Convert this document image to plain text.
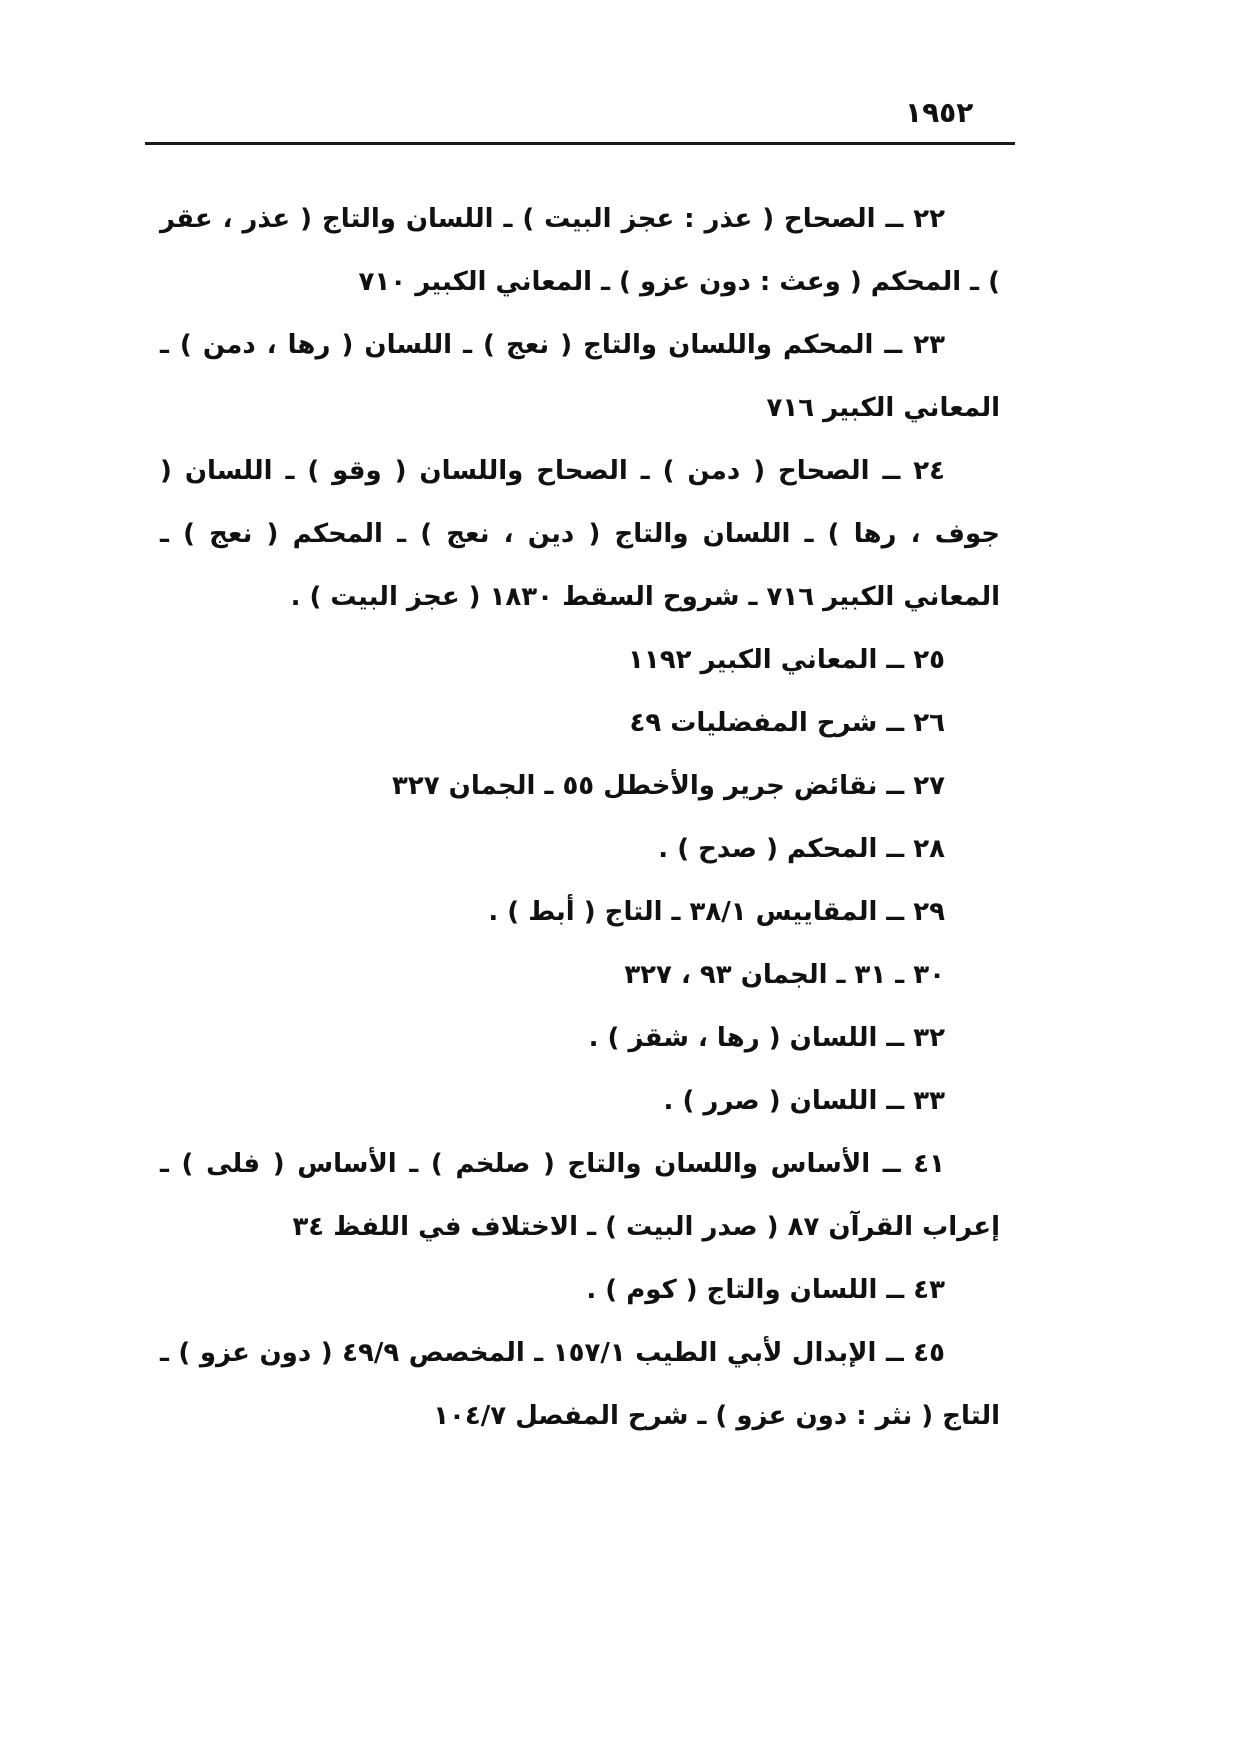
١٩٥٢

٢٢ ــ الصحاح ( عذر : عجز البيت ) ـ اللسان والتاج ( عذر ، عقر ) ـ المحكم ( وعث : دون عزو ) ـ المعاني الكبير ٧١٠

٢٣ ــ المحكم واللسان والتاج ( نعج ) ـ اللسان ( رها ، دمن ) ـ المعاني الكبير ٧١٦

٢٤ ــ الصحاح ( دمن ) ـ الصحاح واللسان ( وقو ) ـ اللسان ( جوف ، رها ) ـ اللسان والتاج ( دين ، نعج ) ـ المحكم ( نعج ) ـ المعاني الكبير ٧١٦ ـ شروح السقط ١٨٣٠ ( عجز البيت ) .

٢٥ ــ المعاني الكبير ١١٩٢

٢٦ ــ شرح المفضليات ٤٩

٢٧ ــ نقائض جرير والأخطل ٥٥ ـ الجمان ٣٢٧

٢٨ ــ المحكم ( صدح ) .

٢٩ ــ المقاييس ٣٨/١ ـ التاج ( أبط ) .

٣٠ ـ ٣١ ـ الجمان ٩٣ ، ٣٢٧

٣٢ ــ اللسان ( رها ، شقز ) .

٣٣ ــ اللسان ( صرر ) .

٤١ ــ الأساس واللسان والتاج ( صلخم ) ـ الأساس ( فلى ) ـ إعراب القرآن ٨٧ ( صدر البيت ) ـ الاختلاف في اللفظ ٣٤

٤٣ ــ اللسان والتاج ( كوم ) .

٤٥ ــ الإبدال لأبي الطيب ١٥٧/١ ـ المخصص ٤٩/٩ ( دون عزو ) ـ التاج ( نثر : دون عزو ) ـ شرح المفصل ١٠٤/٧
